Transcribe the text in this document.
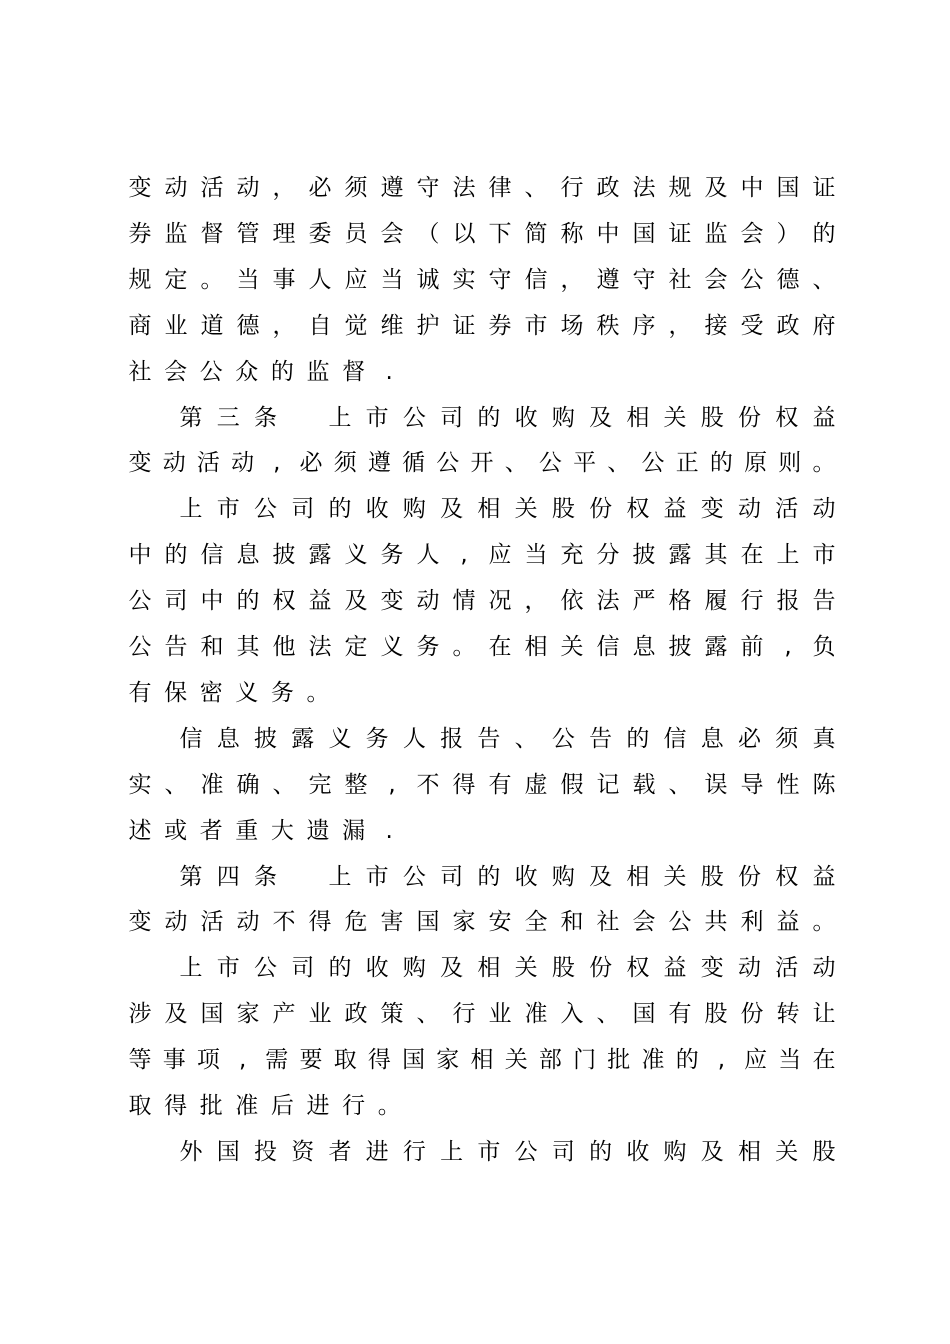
变 动 活 动 ， 必 须 遵 守 法 律 、 行 政 法 规 及 中 国 证
券 监 督 管 理 委 员 会 （ 以 下 简 称 中 国 证 监 会 ） 的
规 定 。 当 事 人 应 当 诚 实 守 信 ， 遵 守 社 会 公 德 、
商 业 道 德 ， 自 觉 维 护 证 券 市 场 秩 序 ， 接 受 政 府
社 会 公 众 的 监 督 .
第 三 条
　 上 市 公 司 的 收 购 及 相 关 股 份 权 益
变 动 活 动 , 必 须 遵 循 公 开 、 公 平 、 公 正 的 原 则 。
上 市 公 司 的 收 购 及 相 关 股 份 权 益 变 动 活 动
中 的 信 息 披 露 义 务 人 , 应 当 充 分 披 露 其 在 上 市
公 司 中 的 权 益 及 变 动 情 况 ， 依 法 严 格 履 行 报 告
公 告 和 其 他 法 定 义 务 。 在 相 关 信 息 披 露 前 , 负
有 保 密 义 务 。
信 息 披 露 义 务 人 报 告 、 公 告 的 信 息 必 须 真
实 、 准 确 、 完 整 , 不 得 有 虚 假 记 载 、 误 导 性 陈
述 或 者 重 大 遗 漏 .
第 四 条
　 上 市 公 司 的 收 购 及 相 关 股 份 权 益
变 动 活 动 不 得 危 害 国 家 安 全 和 社 会 公 共 利 益 。
上 市 公 司 的 收 购 及 相 关 股 份 权 益 变 动 活 动
涉 及 国 家 产 业 政 策 、 行 业 准 入 、 国 有 股 份 转 让
等 事 项 , 需 要 取 得 国 家 相 关 部 门 批 准 的 , 应 当 在
取 得 批 准 后 进 行 。
外 国 投 资 者 进 行 上 市 公 司 的 收 购 及 相 关 股
